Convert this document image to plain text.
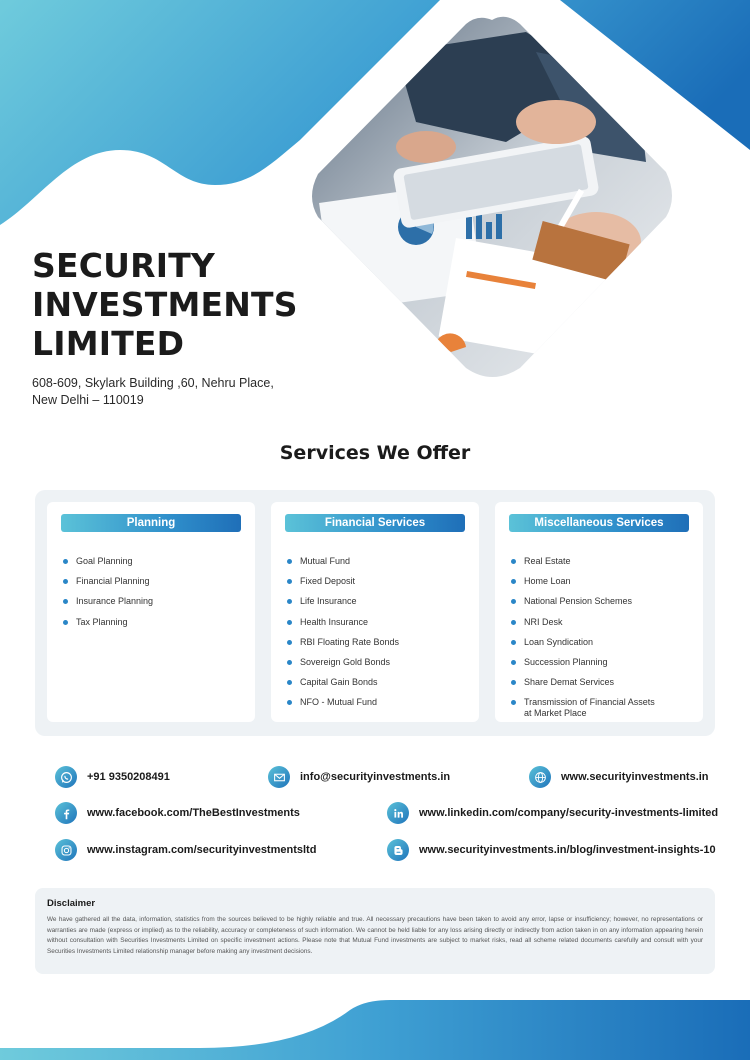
SECURITY INVESTMENTS LIMITED
608-609, Skylark Building ,60, Nehru Place,
New Delhi – 110019
Services We Offer
Planning
Goal Planning
Financial Planning
Insurance Planning
Tax Planning
Financial Services
Mutual Fund
Fixed Deposit
Life Insurance
Health Insurance
RBI Floating Rate Bonds
Sovereign Gold Bonds
Capital Gain Bonds
NFO - Mutual Fund
Miscellaneous Services
Real Estate
Home Loan
National Pension Schemes
NRI Desk
Loan Syndication
Succession Planning
Share Demat Services
Transmission of Financial Assets
at Market Place
+91 9350208491	info@securityinvestments.in	www.securityinvestments.in
www.facebook.com/TheBestInvestments	www.linkedin.com/company/security-investments-limited
www.instagram.com/securityinvestmentsltd	www.securityinvestments.in/blog/investment-insights-10
Disclaimer
We have gathered all the data, information, statistics from the sources believed to be highly reliable and true. All necessary precautions have been taken to avoid any error, lapse or insufficiency; however, no representations or warranties are made (express or implied) as to the reliability, accuracy or completeness of such information. We cannot be held liable for any loss arising directly or indirectly from action taken in on any information appearing herein without consultation with Securities Investments Limited on specific investment actions. Please note that Mutual Fund investments are subject to market risks, read all scheme related documents carefully and consult with your Securities Investments Limited relationship manager before making any investment decisions.
